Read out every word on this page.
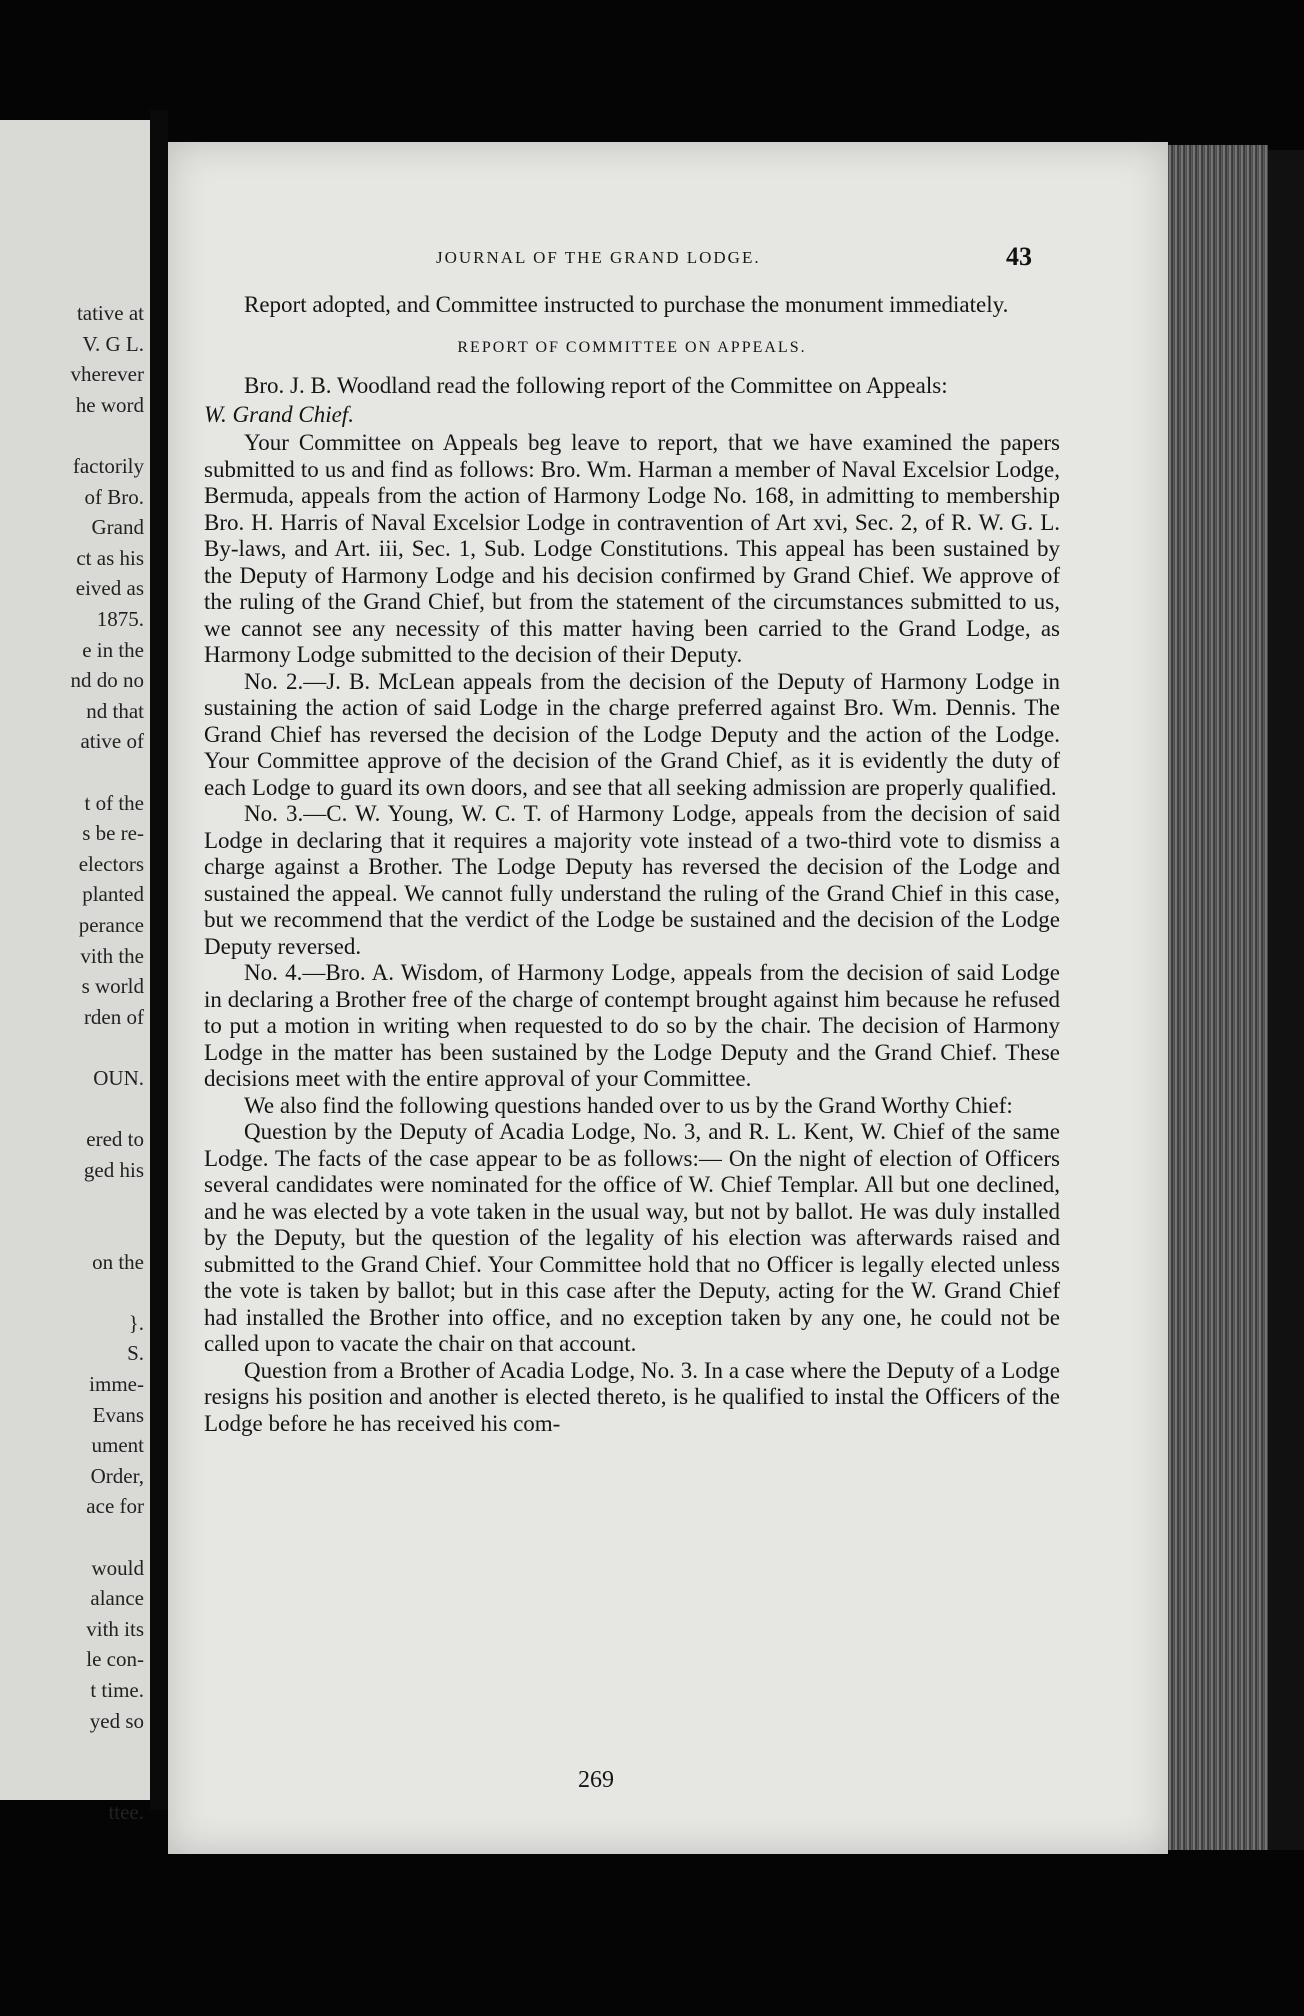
tative at
V. G L.
vherever
he word
factorily
of Bro.
Grand
ct as his
eived as
1875.
e in the
nd do no
nd that
ative of
t of the
s be re-
electors
planted
perance
vith the
s world
rden of
OUN.
ered to
ged his
on the
}.
S.
imme-
Evans
ument
Order,
ace for
would
alance
vith its
le con-
t time.
yed so
ttee.
JOURNAL OF THE GRAND LODGE.	43

Report adopted, and Committee instructed to purchase the monument immediately.

REPORT OF COMMITTEE ON APPEALS.

Bro. J. B. Woodland read the following report of the Committee on Appeals:

W. Grand Chief.

Your Committee on Appeals beg leave to report, that we have examined the papers submitted to us and find as follows: Bro. Wm. Harman a member of Naval Excelsior Lodge, Bermuda, appeals from the action of Harmony Lodge No. 168, in admitting to membership Bro. H. Harris of Naval Excelsior Lodge in contravention of Art xvi, Sec. 2, of R. W. G. L. By-laws, and Art. iii, Sec. 1, Sub. Lodge Constitutions. This appeal has been sustained by the Deputy of Harmony Lodge and his decision confirmed by Grand Chief. We approve of the ruling of the Grand Chief, but from the statement of the circumstances submitted to us, we cannot see any necessity of this matter having been carried to the Grand Lodge, as Harmony Lodge submitted to the decision of their Deputy.

No. 2.—J. B. McLean appeals from the decision of the Deputy of Harmony Lodge in sustaining the action of said Lodge in the charge preferred against Bro. Wm. Dennis. The Grand Chief has reversed the decision of the Lodge Deputy and the action of the Lodge. Your Committee approve of the decision of the Grand Chief, as it is evidently the duty of each Lodge to guard its own doors, and see that all seeking admission are properly qualified.

No. 3.—C. W. Young, W. C. T. of Harmony Lodge, appeals from the decision of said Lodge in declaring that it requires a majority vote instead of a two-third vote to dismiss a charge against a Brother. The Lodge Deputy has reversed the decision of the Lodge and sustained the appeal. We cannot fully understand the ruling of the Grand Chief in this case, but we recommend that the verdict of the Lodge be sustained and the decision of the Lodge Deputy reversed.

No. 4.—Bro. A. Wisdom, of Harmony Lodge, appeals from the decision of said Lodge in declaring a Brother free of the charge of contempt brought against him because he refused to put a motion in writing when requested to do so by the chair. The decision of Harmony Lodge in the matter has been sustained by the Lodge Deputy and the Grand Chief. These decisions meet with the entire approval of your Committee.

We also find the following questions handed over to us by the Grand Worthy Chief:

Question by the Deputy of Acadia Lodge, No. 3, and R. L. Kent, W. Chief of the same Lodge. The facts of the case appear to be as follows:— On the night of election of Officers several candidates were nominated for the office of W. Chief Templar. All but one declined, and he was elected by a vote taken in the usual way, but not by ballot. He was duly installed by the Deputy, but the question of the legality of his election was afterwards raised and submitted to the Grand Chief. Your Committee hold that no Officer is legally elected unless the vote is taken by ballot; but in this case after the Deputy, acting for the W. Grand Chief had installed the Brother into office, and no exception taken by any one, he could not be called upon to vacate the chair on that account.

Question from a Brother of Acadia Lodge, No. 3. In a case where the Deputy of a Lodge resigns his position and another is elected thereto, is he qualified to instal the Officers of the Lodge before he has received his com-

269
